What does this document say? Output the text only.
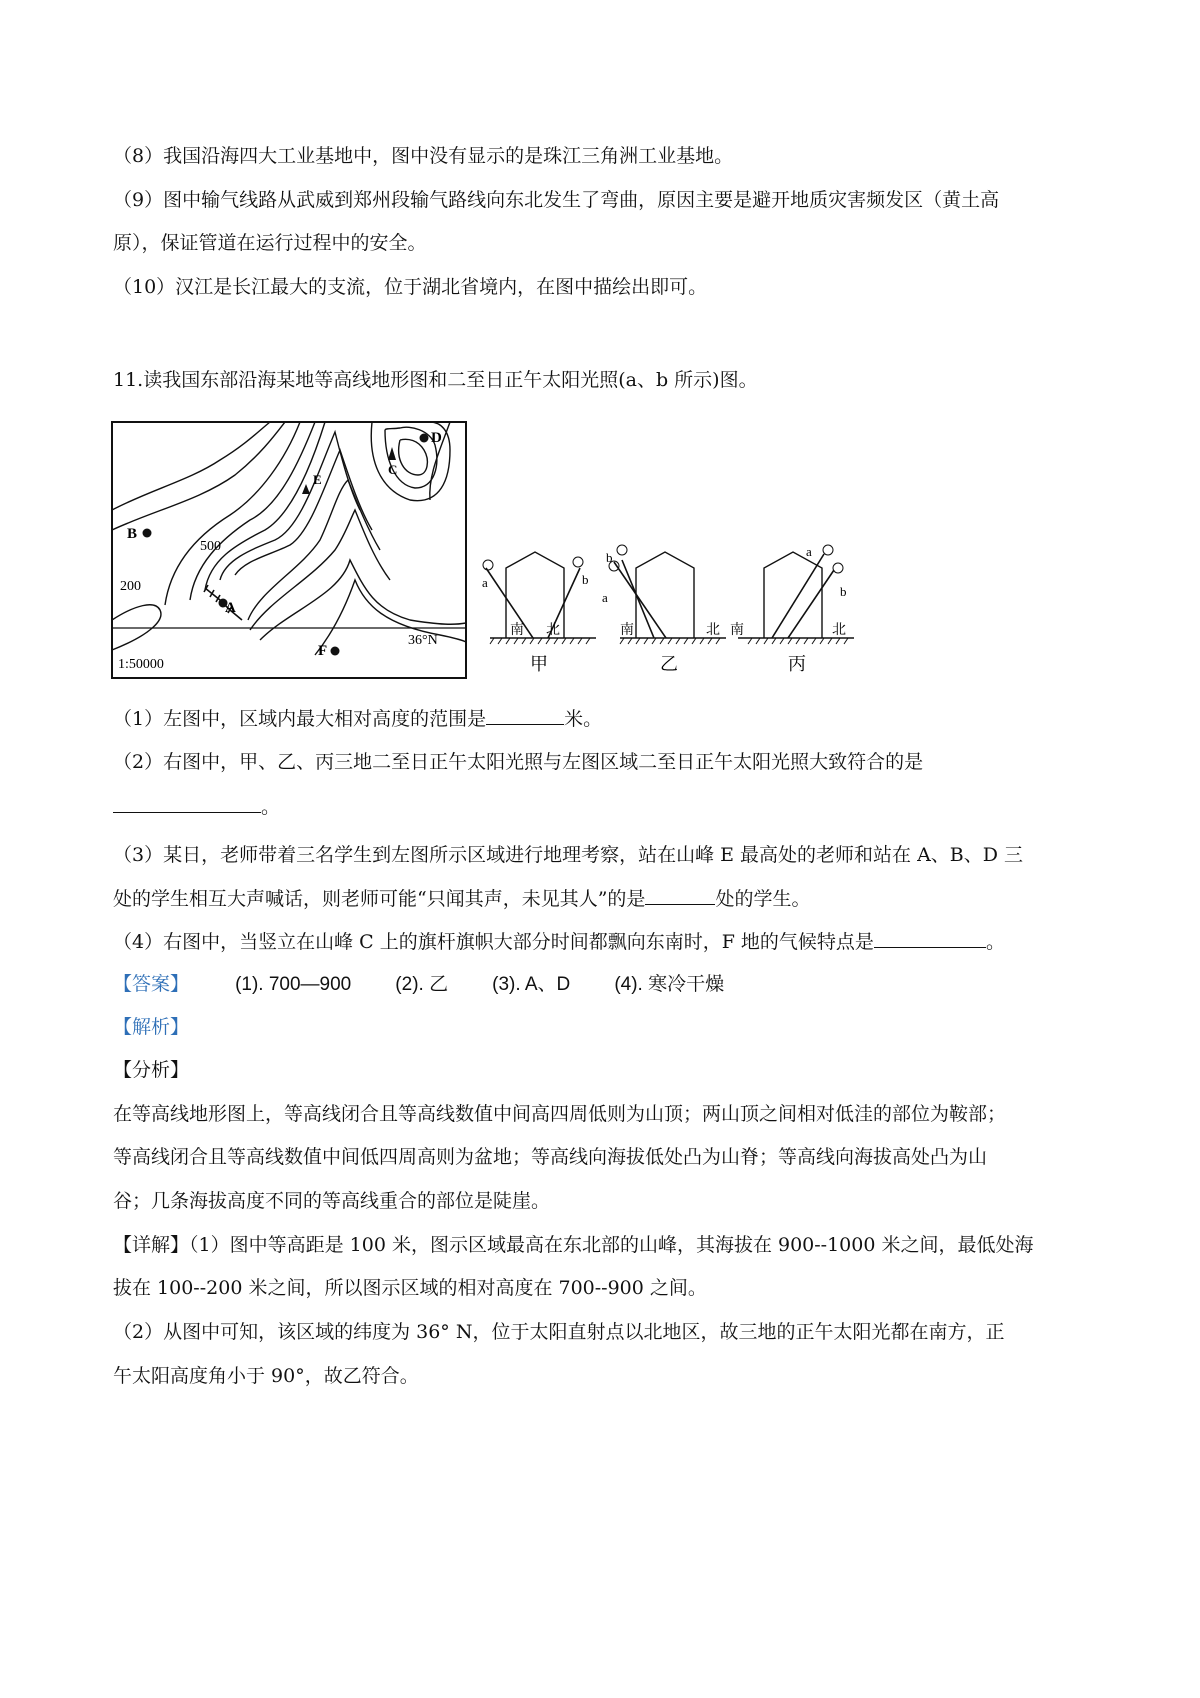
（8）我国沿海四大工业基地中，图中没有显示的是珠江三角洲工业基地。
（9）图中输气线路从武威到郑州段输气路线向东北发生了弯曲，原因主要是避开地质灾害频发区（黄土高
原），保证管道在运行过程中的安全。
（10）汉江是长江最大的支流，位于湖北省境内，在图中描绘出即可。
11.读我国东部沿海某地等高线地形图和二至日正午太阳光照(a、b 所示)图。
B
A
C
D
E
F
500
200
36°N
1:50000
a	b
南 北
甲
a
b
南	北
乙
a
b
南	北
丙
（1）左图中，区域内最大相对高度的范围是	米。
（2）右图中，甲、乙、丙三地二至日正午太阳光照与左图区域二至日正午太阳光照大致符合的是
。
（3）某日，老师带着三名学生到左图所示区域进行地理考察，站在山峰 E 最高处的老师和站在 A、B、D 三
处的学生相互大声喊话，则老师可能“只闻其声，未见其人”的是	处的学生。
（4）右图中，当竖立在山峰 C 上的旗杆旗帜大部分时间都飘向东南时，F 地的气候特点是	。
【答案】 (1). 700—900 (2). 乙 (3). A、D (4). 寒冷干燥
【解析】
【分析】
在等高线地形图上，等高线闭合且等高线数值中间高四周低则为山顶；两山顶之间相对低洼的部位为鞍部；
等高线闭合且等高线数值中间低四周高则为盆地；等高线向海拔低处凸为山脊；等高线向海拔高处凸为山
谷；几条海拔高度不同的等高线重合的部位是陡崖。
【详解】（1）图中等高距是 100 米，图示区域最高在东北部的山峰，其海拔在 900--1000 米之间，最低处海
拔在 100--200 米之间，所以图示区域的相对高度在 700--900 之间。
（2）从图中可知，该区域的纬度为 36° N，位于太阳直射点以北地区，故三地的正午太阳光都在南方，正
午太阳高度角小于 90°，故乙符合。
